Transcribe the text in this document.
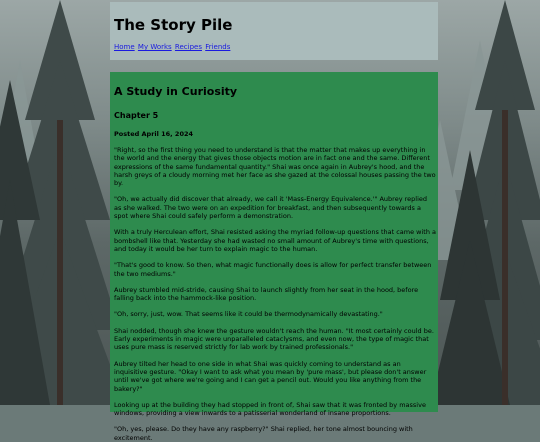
The Story Pile
Home My Works Recipes Friends
A Study in Curiosity
Chapter 5

Posted April 16, 2024

"Right, so the first thing you need to understand is that the matter that makes up everything in the world and the energy that gives those objects motion are in fact one and the same. Different expressions of the same fundamental quantity." Shai was once again in Aubrey's hood, and the harsh greys of a cloudy morning met her face as she gazed at the colossal houses passing the two by.

"Oh, we actually did discover that already, we call it 'Mass-Energy Equivalence.'" Aubrey replied as she walked. The two were on an expedition for breakfast, and then subsequently towards a spot where Shai could safely perform a demonstration.

With a truly Herculean effort, Shai resisted asking the myriad follow-up questions that came with a bombshell like that. Yesterday she had wasted no small amount of Aubrey's time with questions, and today it would be her turn to explain magic to the human.

"That's good to know. So then, what magic functionally does is allow for perfect transfer between the two mediums."

Aubrey stumbled mid-stride, causing Shai to launch slightly from her seat in the hood, before falling back into the hammock-like position.

"Oh, sorry, just, wow. That seems like it could be thermodynamically devastating."

Shai nodded, though she knew the gesture wouldn't reach the human. "It most certainly could be. Early experiments in magic were unparalleled cataclysms, and even now, the type of magic that uses pure mass is reserved strictly for lab work by trained professionals."

Aubrey tilted her head to one side in what Shai was quickly coming to understand as an inquisitive gesture. "Okay I want to ask what you mean by 'pure mass', but please don't answer until we've got where we're going and I can get a pencil out. Would you like anything from the bakery?"

Looking up at the building they had stopped in front of, Shai saw that it was fronted by massive windows, providing a view inwards to a patisserial wonderland of insane proportions.

"Oh, yes, please. Do they have any raspberry?" Shai replied, her tone almost bouncing with excitement.
